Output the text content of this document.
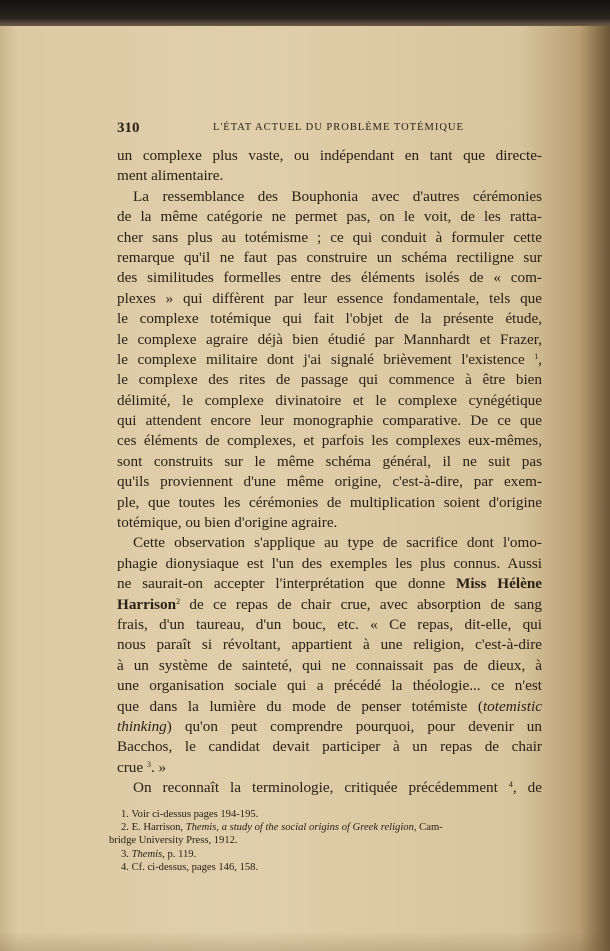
310	L'ÉTAT ACTUEL DU PROBLÈME TOTÉMIQUE
un complexe plus vaste, ou indépendant en tant que directe-
ment alimentaire.
La ressemblance des Bouphonia avec d'autres cérémonies
de la même catégorie ne permet pas, on le voit, de les ratta-
cher sans plus au totémisme ; ce qui conduit à formuler cette
remarque qu'il ne faut pas construire un schéma rectiligne sur
des similitudes formelles entre des éléments isolés de « com-
plexes » qui diffèrent par leur essence fondamentale, tels que
le complexe totémique qui fait l'objet de la présente étude,
le complexe agraire déjà bien étudié par Mannhardt et Frazer,
le complexe militaire dont j'ai signalé brièvement l'existence $^1$,
le complexe des rites de passage qui commence à être bien
délimité, le complexe divinatoire et le complexe cynégétique
qui attendent encore leur monographie comparative. De ce que
ces éléments de complexes, et parfois les complexes eux-mêmes,
sont construits sur le même schéma général, il ne suit pas
qu'ils proviennent d'une même origine, c'est-à-dire, par exem-
ple, que toutes les cérémonies de multiplication soient d'origine
totémique, ou bien d'origine agraire.
Cette observation s'applique au type de sacrifice dont l'omo-
phagie dionysiaque est l'un des exemples les plus connus. Aussi
ne saurait-on accepter l'interprétation que donne Miss Hélène
Harrison$^2$ de ce repas de chair crue, avec absorption de sang
frais, d'un taureau, d'un bouc, etc. « Ce repas, dit-elle, qui
nous paraît si révoltant, appartient à une religion, c'est-à-dire
à un système de sainteté, qui ne connaissait pas de dieux, à
une organisation sociale qui a précédé la théologie... ce n'est
que dans la lumière du mode de penser totémiste (totemistic
thinking) qu'on peut comprendre pourquoi, pour devenir un
Bacchos, le candidat devait participer à un repas de chair
crue $^3$. »
On reconnaît la terminologie, critiquée précédemment $^4$, de
1. Voir ci-dessus pages 194-195.
2. E. Harrison, Themis, a study of the social origins of Greek religion, Cam-
bridge University Press, 1912.
3. Themis, p. 119.
4. Cf. ci-dessus, pages 146, 158.
